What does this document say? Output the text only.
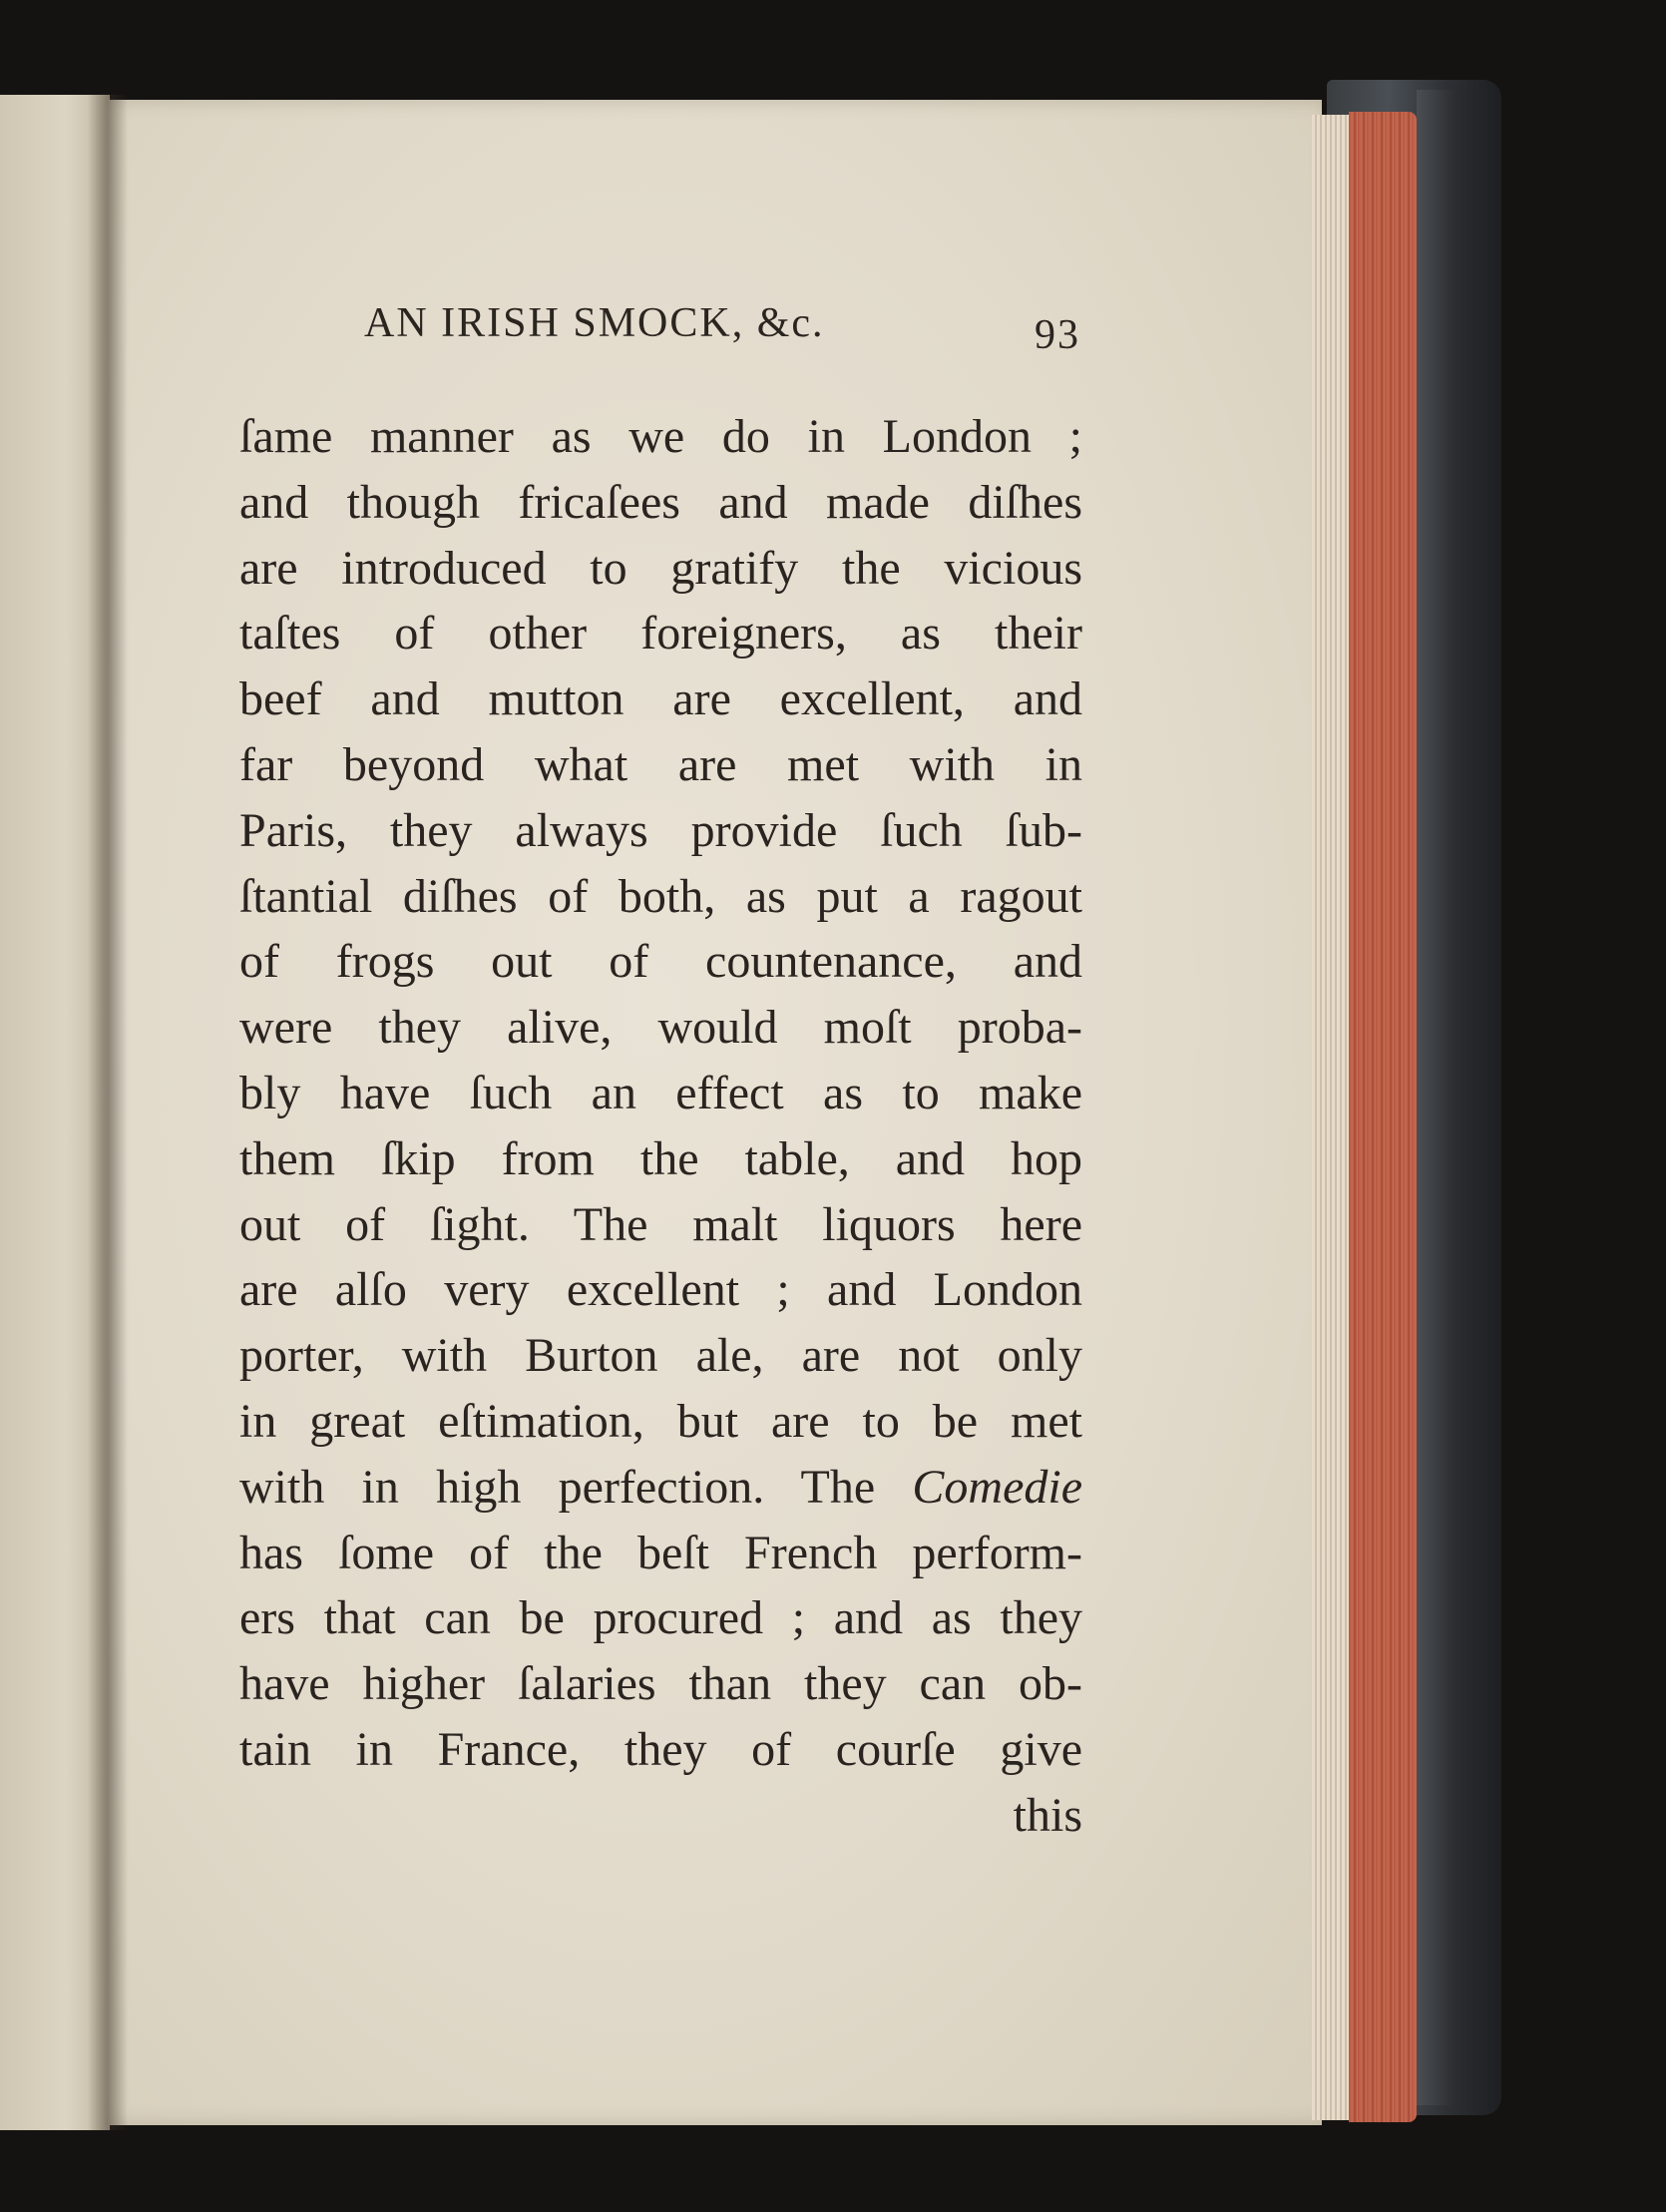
AN IRISH SMOCK, &c.	93
ſame manner as we do in London ;
and though fricaſees and made diſhes
are introduced to gratify the vicious
taſtes of other foreigners, as their
beef and mutton are excellent, and
far beyond what are met with in
Paris, they always provide ſuch ſub-
ſtantial diſhes of both, as put a ragout
of frogs out of countenance, and
were they alive, would moſt proba-
bly have ſuch an effect as to make
them ſkip from the table, and hop
out of ſight. The malt liquors here
are alſo very excellent ; and London
porter, with Burton ale, are not only
in great eſtimation, but are to be met
with in high perfection. The Comedie
has ſome of the beſt French perform-
ers that can be procured ; and as they
have higher ſalaries than they can ob-
tain in France, they of courſe give
this
